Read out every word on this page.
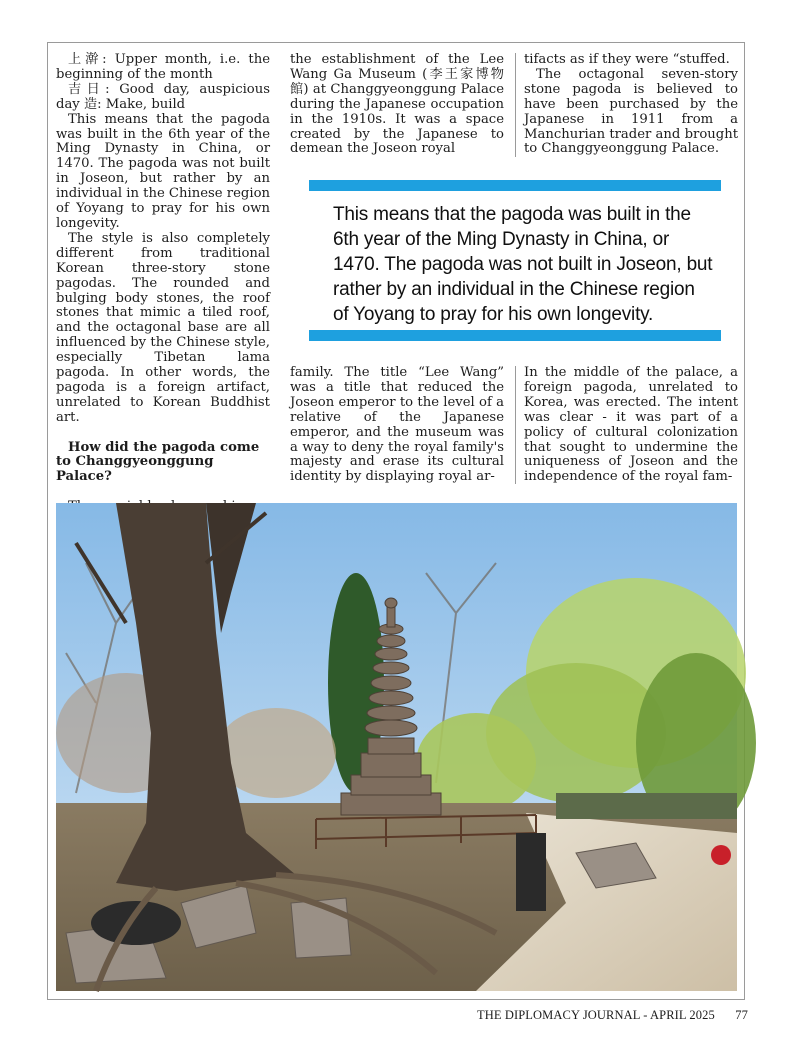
上澣: Upper month, i.e. the beginning of the month

吉日: Good day, auspicious day 造: Make, build

This means that the pagoda was built in the 6th year of the Ming Dynasty in China, or 1470. The pagoda was not built in Joseon, but rather by an individual in the Chinese region of Yoyang to pray for his own longevity.

The style is also completely different from traditional Korean three-story stone pagodas. The rounded and bulging body stones, the roof stones that mimic a tiled roof, and the octagonal base are all influenced by the Chinese style, especially Tibetan lama pagoda. In other words, the pagoda is a foreign artifact, unrelated to Korean Buddhist art.

How did the pagoda come to Changgyeonggung Palace?

the establishment of the Lee Wang Ga Museum (李王家博物館) at Changgyeonggung Palace during the Japanese occupation in the 1910s. It was a space created by the Japanese to demean the Joseon royal

tifacts as if they were “stuffed.

The octagonal seven-story stone pagoda is believed to have been purchased by the Japanese in 1911 from a Manchurian trader and brought to Changgyeonggung Palace.

This means that the pagoda was built in the 6th year of the Ming Dynasty in China, or 1470. The pagoda was not built in Joseon, but rather by an individual in the Chinese region of Yoyang to pray for his own longevity.

family. The title “Lee Wang” was a title that reduced the Joseon emperor to the level of a relative of the Japanese emperor, and the museum was a way to deny the royal family's majesty and erase its cultural identity by displaying royal ar-

In the middle of the palace, a foreign pagoda, unrelated to Korea, was erected. The intent was clear - it was part of a policy of cultural colonization that sought to undermine the uniqueness of Joseon and the independence of the royal fam-

THE DIPLOMACY JOURNAL - APRIL 2025 77
